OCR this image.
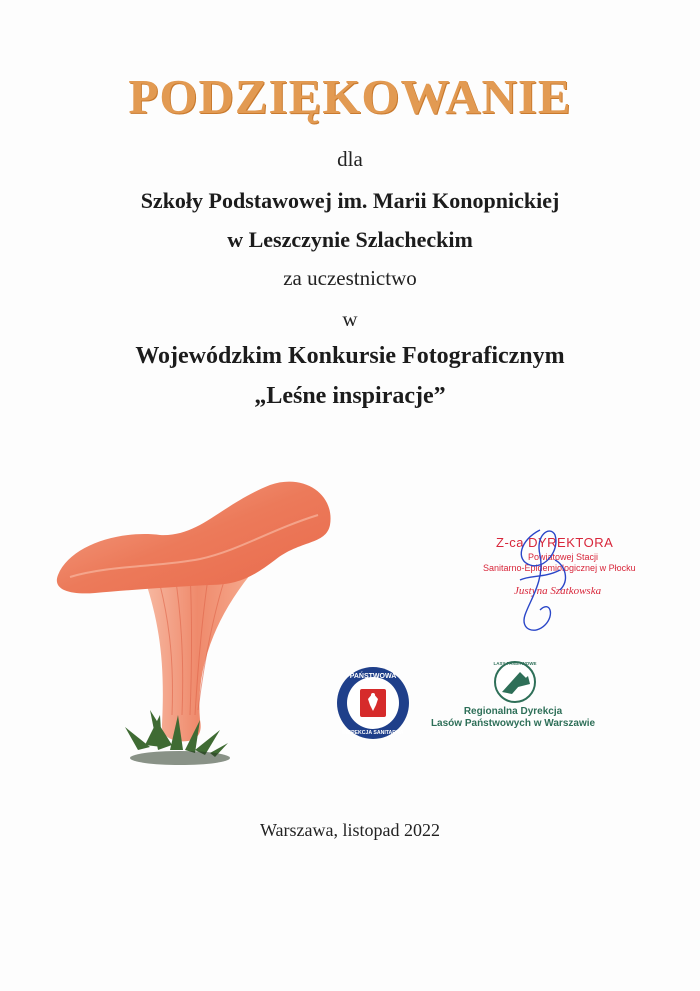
PODZIĘKOWANIE
dla
Szkoły Podstawowej im. Marii Konopnickiej
w Leszczynie Szlacheckim
za uczestnictwo
w
Wojewódzkim Konkursie Fotograficznym
„Leśne inspiracje”
Z-ca DYREKTORA
Powiatowej Stacji
Sanitarno-Epidemiologicznej w Płocku
Justyna Szatkowska
PAŃSTWOWA
INSPEKCJA SANITARNA
LASY PAŃSTWOWE
Regionalna Dyrekcja
Lasów Państwowych w Warszawie
Warszawa, listopad 2022
